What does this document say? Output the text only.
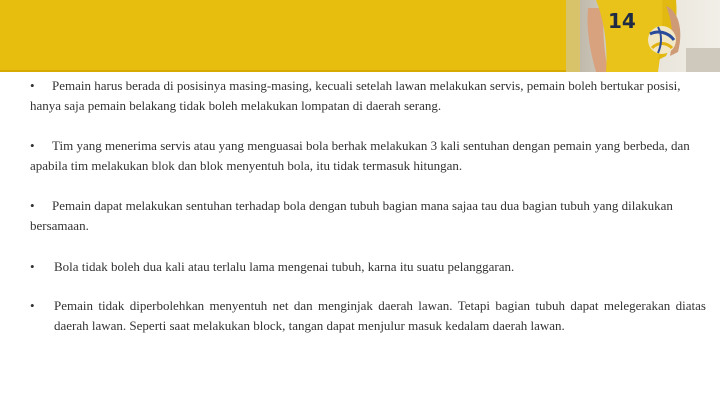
14
• Pemain harus berada di posisinya masing-masing, kecuali setelah lawan melakukan servis, pemain boleh bertukar posisi, hanya saja pemain belakang tidak boleh melakukan lompatan di daerah serang.
• Tim yang menerima servis atau yang menguasai bola berhak melakukan 3 kali sentuhan dengan pemain yang berbeda, dan apabila tim melakukan blok dan blok menyentuh bola, itu tidak termasuk hitungan.
• Pemain dapat melakukan sentuhan terhadap bola dengan tubuh bagian mana sajaa tau dua bagian tubuh yang dilakukan bersamaan.
•	Bola tidak boleh dua kali atau terlalu lama mengenai tubuh, karna itu suatu pelanggaran.
•	Pemain tidak diperbolehkan menyentuh net dan menginjak daerah lawan. Tetapi bagian tubuh dapat melegerakan diatas daerah lawan. Seperti saat melakukan block, tangan dapat menjulur masuk kedalam daerah lawan.
